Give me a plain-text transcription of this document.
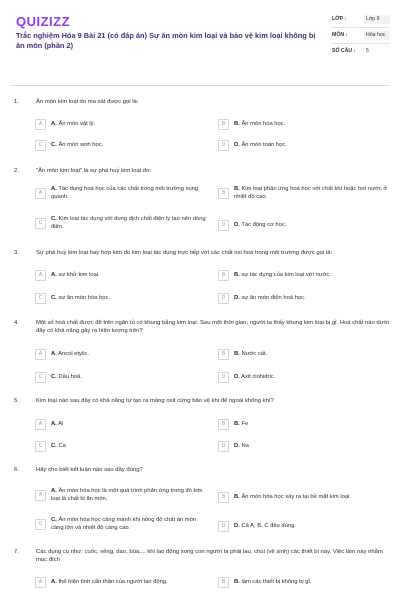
QUIZIZZ
Trắc nghiệm Hóa 9 Bài 21 (có đáp án) Sự ăn mòn kim loại và bảo vệ kim loại không bị ăn mòn (phần 2)
LỚP :	Lớp 9
MÔN :	Hóa học
SỐ CÂU :	5
1.	Ăn mòn kim loại do ma sát được gọi là:
A	A. Ăn mòn vật lý.	B	B. Ăn mòn hóa học.
C	C. Ăn mòn sinh học.	D	D. Ăn mòn toán học.
2.	"Ăn mòn kim loại" là sự phá huỷ kim loại do:
A
A. Tác dụng hoá học của các chất trong môi trường xung quanh.
B
B. Kim loại phản ứng hoá học với chất khí hoặc hơi nước ở nhiệt độ cao.
C
C. Kim loại tác dụng với dung dịch chất điện ly tạo nên dòng điện.	D	D. Tác động cơ học.
3.	Sự phá huỷ kim loại hay hợp kim do kim loại tác dụng trực tiếp với các chất oxi hoá trong môi trường được gọi là:
A	A. sự khử kim loại.	B	B. sự tác dụng của kim loại với nước.
C	C. sự ăn mòn hóa học.	D	D. sự ăn mòn điện hoá học.
4.	Một số hoá chất được để trên ngăn tủ có khung bằng kim loại. Sau một thời gian, người ta thấy khung kim loại bị gỉ. Hoá chất nào dưới đây có khả năng gây ra hiện tượng trên?
A	A. Ancol etylic.	B	B. Nước cất.
C	C. Dầu hoả.	D	D. Axit clohidric.
5.	Kim loại nào sau đây có khả năng tự tạo ra màng oxit cứng bảo vệ khi để ngoài không khí?
A	A. Al	B	B. Fe
C	C. Ca	D	D. Na
6.	Hãy cho biết kết luận nào sau đây đúng?
A
A. Ăn mòn hóa học là một quá trình phản ứng trong đó kim loại là chất bị ăn mòn.	B	B. Ăn mòn hóa học xảy ra tại bề mặt kim loại.
C
C. Ăn mòn hóa học càng mạnh khi nồng độ chất ăn mòn càng lớn và nhiệt độ càng cao.	D	D. Cả A, B, C đều đúng.
7.	Các dụng cụ như: cuốc, xẻng, dao, búa,... khi lao động xong con người ta phải lau, chùi (vệ sinh) các thiết bị này. Việc làm này nhằm mục đích
A	A. thể hiện tính cẩn thận của người lao động.	B	B. làm các thiết bị không bị gỉ.
